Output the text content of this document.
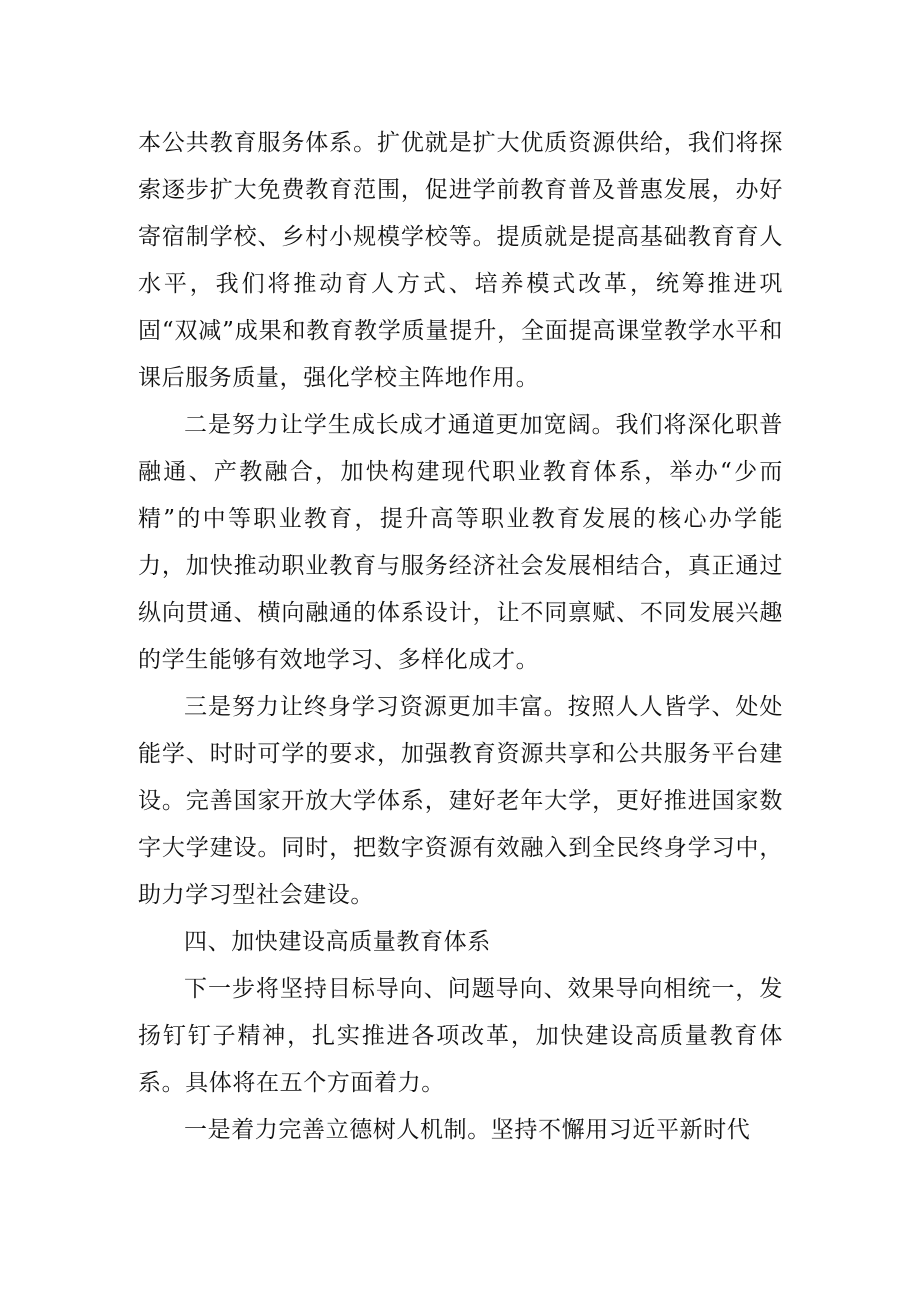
本公共教育服务体系。扩优就是扩大优质资源供给，我们将探索逐步扩大免费教育范围，促进学前教育普及普惠发展，办好寄宿制学校、乡村小规模学校等。提质就是提高基础教育育人水平，我们将推动育人方式、培养模式改革，统筹推进巩固“双减”成果和教育教学质量提升，全面提高课堂教学水平和课后服务质量，强化学校主阵地作用。

二是努力让学生成长成才通道更加宽阔。我们将深化职普融通、产教融合，加快构建现代职业教育体系，举办“少而精”的中等职业教育，提升高等职业教育发展的核心办学能力，加快推动职业教育与服务经济社会发展相结合，真正通过纵向贯通、横向融通的体系设计，让不同禀赋、不同发展兴趣的学生能够有效地学习、多样化成才。

三是努力让终身学习资源更加丰富。按照人人皆学、处处能学、时时可学的要求，加强教育资源共享和公共服务平台建设。完善国家开放大学体系，建好老年大学，更好推进国家数字大学建设。同时，把数字资源有效融入到全民终身学习中，助力学习型社会建设。

四、加快建设高质量教育体系

下一步将坚持目标导向、问题导向、效果导向相统一，发扬钉钉子精神，扎实推进各项改革，加快建设高质量教育体系。具体将在五个方面着力。

一是着力完善立德树人机制。坚持不懈用习近平新时代
